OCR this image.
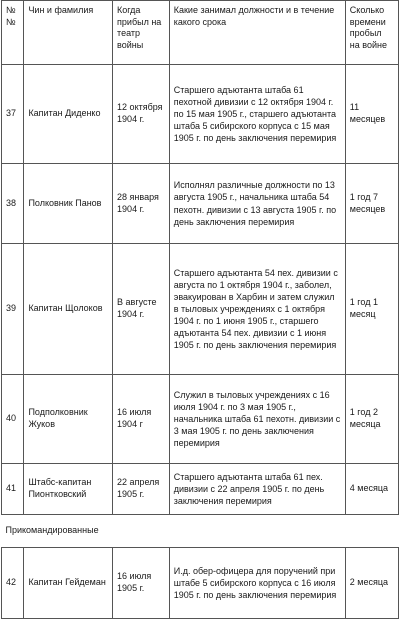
№№	Чин и фамилия	Когда прибыл на театр войны	Какие занимал должности и в течение какого срока	Сколько времени пробыл на войне
37	Капитан Диденко	12 октября 1904 г.	Старшего адъютанта штаба 61 пехотной дивизии с 12 октября 1904 г. по 15 мая 1905 г., старшего адъютанта штаба 5 сибирского корпуса с 15 мая 1905 г. по день заключения перемирия	11 месяцев
38	Полковник Панов	28 января 1904 г.	Исполнял различные должности по 13 августа 1905 г., начальника штаба 54 пехотн. дивизии с 13 августа 1905 г. по день заключения перемирия	1 год 7 месяцев
39	Капитан Щолоков	В августе 1904 г.	Старшего адъютанта 54 пех. дивизии с августа по 1 октября 1904 г., заболел, эвакуирован в Харбин и затем служил в тыловых учреждениях с 1 октября 1904 г. по 1 июня 1905 г., старшего адъютанта 54 пех. дивизии с 1 июня 1905 г. по день заключения перемирия	1 год 1 месяц
40	Подполковник Жуков	16 июля 1904 г	Служил в тыловых учреждениях с 16 июля 1904 г. по 3 мая 1905 г., начальника штаба 61 пехотн. дивизии с 3 мая 1905 г. по день заключения перемирия	1 год 2 месяца
41	Штабс-капитан Пионтковский	22 апреля 1905 г.	Старшего адъютанта штаба 61 пех. дивизии с 22 апреля 1905 г. по день заключения перемирия	4 месяца
Прикомандированные				
42	Капитан Гейдеман	16 июля 1905 г.	И.д. обер-офицера для поручений при штабе 5 сибирского корпуса с 16 июля 1905 г. по день заключения перемирия	2 месяца
